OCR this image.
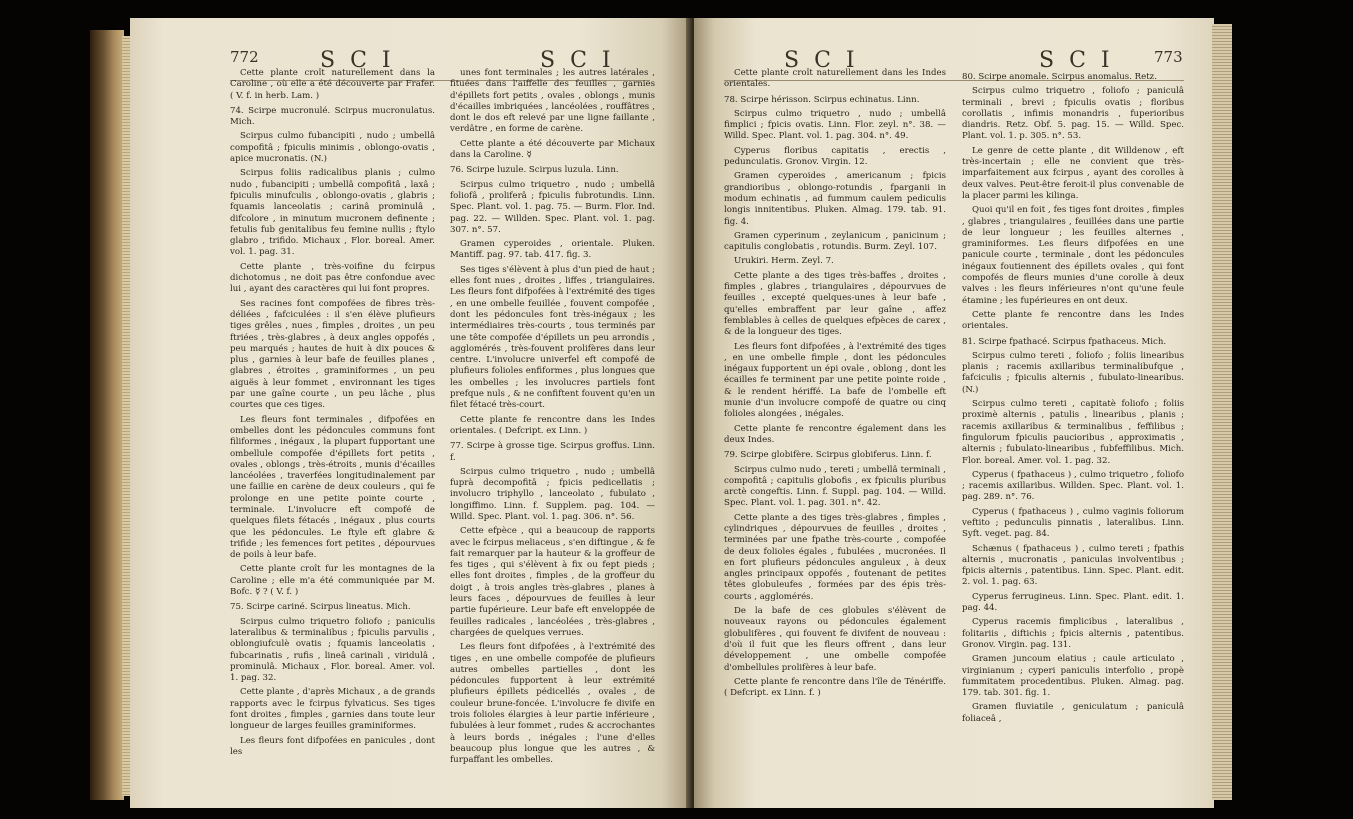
772	S C I	S C I

Cette plante croît naturellement dans la Caroline , où elle a été découverte par Frafer. ( V. f. in herb. Lam. )

74. Scirpe mucronulé. Scirpus mucronulatus. Mich.

Scirpus culmo fubancipiti , nudo ; umbellâ compofitâ ; fpiculis minimis , oblongo-ovatis , apice mucronatis. (N.)

Scirpus foliis radicalibus planis ; culmo nudo , fubancipiti ; umbellâ compofitâ , laxâ ; fpiculis minufculis , oblongo-ovatis , glabris ; fquamis lanceolatis ; carinâ prominulâ , difcolore , in minutum mucronem definente ; fetulis fub genitalibus feu femine nullis ; ftylo glabro , trifido. Michaux , Flor. boreal. Amer. vol. 1. pag. 31.

Cette plante , très-voifine du fcirpus dichotomus , ne doit pas être confondue avec lui , ayant des caractères qui lui font propres.

Ses racines font compofées de fibres très-déliées , fafciculées : il s'en élève plufieurs tiges grêles , nues , fimples , droites , un peu ftriées , très-glabres , à deux angles oppofés , peu marqués ; hautes de huit à dix pouces & plus , garnies à leur bafe de feuilles planes , glabres , étroites , graminiformes , un peu aiguës à leur fommet , environnant les tiges par une gaîne courte , un peu lâche , plus courtes que ces tiges.

Les fleurs font terminales , difpofées en ombelles dont les pédoncules communs font filiformes , inégaux , la plupart fupportant une ombellule compofée d'épillets fort petits , ovales , oblongs , très-étroits , munis d'écailles lancéolées , traverfées longitudinalement par une faillie en carène de deux couleurs , qui fe prolonge en une petite pointe courte , terminale. L'involucre eft compofé de quelques filets fétacés , inégaux , plus courts que les pédoncules. Le ftyle eft glabre & trifide ; les femences fort petites , dépourvues de poils à leur bafe.

Cette plante croît fur les montagnes de la Caroline ; elle m'a été communiquée par M. Bofc. ☿ ? ( V. f. )

75. Scirpe cariné. Scirpus lineatus. Mich.

Scirpus culmo triquetro foliofo ; paniculis lateralibus & terminalibus ; fpiculis parvulis , oblongiufculè ovatis ; fquamis lanceolatis , fubcarinatis , rufis , lineâ carinali , viridulâ , prominulâ. Michaux , Flor. boreal. Amer. vol. 1. pag. 32.

Cette plante , d'après Michaux , a de grands rapports avec le fcirpus fylvaticus. Ses tiges font droites , fimples , garnies dans toute leur longueur de larges feuilles graminiformes.

Les fleurs font difpofées en panicules , dont les

unes font terminales ; les autres latérales , fituées dans l'aiffelle des feuilles , garnies d'épillets fort petits , ovales , oblongs , munis d'écailles imbriquées , lancéolées , rouffâtres , dont le dos eft relevé par une ligne faillante , verdâtre , en forme de carène.

Cette plante a été découverte par Michaux dans la Caroline. ☿

76. Scirpe luzule. Scirpus luzula. Linn.

Scirpus culmo triquetro , nudo ; umbellâ foliofâ , proliferâ ; fpiculis fubrotundis. Linn. Spec. Plant. vol. 1. pag. 75. — Burm. Flor. Ind. pag. 22. — Willden. Spec. Plant. vol. 1. pag. 307. n°. 57.

Gramen cyperoides , orientale. Pluken. Mantiff. pag. 97. tab. 417. fig. 3.

Ses tiges s'élèvent à plus d'un pied de haut ; elles font nues , droites , liffes , triangulaires. Les fleurs font difpofées à l'extrémité des tiges , en une ombelle feuillée , fouvent compofée , dont les pédoncules font très-inégaux ; les intermédiaires très-courts , tous terminés par une tête compofée d'épillets un peu arrondis , agglomérés , très-fouvent prolifères dans leur centre. L'involucre univerfel eft compofé de plufieurs folioles enfiformes , plus longues que les ombelles ; les involucres partiels font prefque nuls , & ne confiftent fouvent qu'en un filet fétacé très-court.

Cette plante fe rencontre dans les Indes orientales. ( Defcript. ex Linn. )

77. Scirpe à grosse tige. Scirpus groffus. Linn. f.

Scirpus culmo triquetro , nudo ; umbellâ fuprà decompofitâ ; fpicis pedicellatis ; involucro triphyllo , lanceolato , fubulato , longiffimo. Linn. f. Supplem. pag. 104. — Willd. Spec. Plant. vol. 1. pag. 306. n°. 56.

Cette efpèce , qui a beaucoup de rapports avec le fcirpus meliaceus , s'en diftingue , & fe fait remarquer par la hauteur & la groffeur de fes tiges , qui s'élèvent à fix ou fept pieds ; elles font droites , fimples , de la groffeur du doigt , à trois angles très-glabres , planes à leurs faces , dépourvues de feuilles à leur partie fupérieure. Leur bafe eft enveloppée de feuilles radicales , lancéolées , très-glabres , chargées de quelques verrues.

Les fleurs font difpofées , à l'extrémité des tiges , en une ombelle compofée de plufieurs autres ombelles partielles , dont les pédoncules fupportent à leur extrémité plufieurs épillets pédicellés , ovales , de couleur brune-foncée. L'involucre fe divife en trois folioles élargies à leur partie inférieure , fubulées à leur fommet , rudes & accrochantes à leurs bords , inégales ; l'une d'elles beaucoup plus longue que les autres , & furpaffant les ombelles.

S C I	S C I	773

Cette plante croît naturellement dans les Indes orientales.

78. Scirpe hérisson. Scirpus echinatus. Linn.

Scirpus culmo triquetro , nudo ; umbellâ fimplici ; fpicis ovatis. Linn. Flor. zeyl. n°. 38. — Willd. Spec. Plant. vol. 1. pag. 304. n°. 49.

Cyperus floribus capitatis , erectis , pedunculatis. Gronov. Virgin. 12.

Gramen cyperoides , americanum ; fpicis grandioribus , oblongo-rotundis , fparganii in modum echinatis , ad fummum caulem pediculis longis innitentibus. Pluken. Almag. 179. tab. 91. fig. 4.

Gramen cyperinum , zeylanicum , panicinum ; capitulis conglobatis , rotundis. Burm. Zeyl. 107.

Urukiri. Herm. Zeyl. 7.

Cette plante a des tiges très-baffes , droites , fimples , glabres , triangulaires , dépourvues de feuilles , excepté quelques-unes à leur bafe , qu'elles embraffent par leur gaîne , affez femblables à celles de quelques efpèces de carex , & de la longueur des tiges.

Les fleurs font difpofées , à l'extrémité des tiges , en une ombelle fimple , dont les pédoncules inégaux fupportent un épi ovale , oblong , dont les écailles fe terminent par une petite pointe roide , & le rendent hériffé. La bafe de l'ombelle eft munie d'un involucre compofé de quatre ou cinq folioles alongées , inégales.

Cette plante fe rencontre également dans les deux Indes.

79. Scirpe globifère. Scirpus globiferus. Linn. f.

Scirpus culmo nudo , tereti ; umbellâ terminali , compofitâ ; capitulis globofis , ex fpiculis pluribus arctè congeftis. Linn. f. Suppl. pag. 104. — Willd. Spec. Plant. vol. 1. pag. 301. n°. 42.

Cette plante a des tiges très-glabres , fimples , cylindriques , dépourvues de feuilles , droites , terminées par une fpathe très-courte , compofée de deux folioles égales , fubulées , mucronées. Il en fort plufieurs pédoncules anguleux , à deux angles principaux oppofés , foutenant de petites têtes globuleufes , formées par des épis très-courts , agglomérés.

De la bafe de ces globules s'élèvent de nouveaux rayons ou pédoncules également globulifères , qui fouvent fe divifent de nouveau : d'où il fuit que les fleurs offrent , dans leur développement , une ombelle compofée d'ombellules prolifères à leur bafe.

Cette plante fe rencontre dans l'île de Ténériffe. ( Defcript. ex Linn. f. )

80. Scirpe anomale. Scirpus anomalus. Retz.

Scirpus culmo triquetro , foliofo ; paniculâ terminali , brevi ; fpiculis ovatis ; floribus corollatis , infimis monandris , fuperioribus diandris. Retz. Obf. 5. pag. 15. — Willd. Spec. Plant. vol. 1. p. 305. n°. 53.

Le genre de cette plante , dit Willdenow , eft très-incertain ; elle ne convient que très-imparfaitement aux fcirpus , ayant des corolles à deux valves. Peut-être feroit-il plus convenable de la placer parmi les kilinga.

Quoi qu'il en foit , fes tiges font droites , fimples , glabres , triangulaires , feuillées dans une partie de leur longueur ; les feuilles alternes , graminiformes. Les fleurs difpofées en une panicule courte , terminale , dont les pédoncules inégaux foutiennent des épillets ovales , qui font compofés de fleurs munies d'une corolle à deux valves : les fleurs inférieures n'ont qu'une feule étamine ; les fupérieures en ont deux.

Cette plante fe rencontre dans les Indes orientales.

81. Scirpe fpathacé. Scirpus fpathaceus. Mich.

Scirpus culmo tereti , foliofo ; foliis linearibus planis ; racemis axillaribus terminalibufque , fafciculis ; fpiculis alternis , fubulato-linearibus. (N.)

Scirpus culmo tereti , capitatè foliofo ; foliis proximè alternis , patulis , linearibus , planis ; racemis axillaribus & terminalibus , feffilibus ; fingulorum fpiculis paucioribus , approximatis , alternis ; fubulato-linearibus , fubfeffilibus. Mich. Flor. boreal. Amer. vol. 1. pag. 32.

Cyperus ( fpathaceus ) , culmo triquetro , foliofo ; racemis axillaribus. Willden. Spec. Plant. vol. 1. pag. 289. n°. 76.

Cyperus ( fpathaceus ) , culmo vaginis foliorum veftito ; pedunculis pinnatis , lateralibus. Linn. Syft. veget. pag. 84.

Schænus ( fpathaceus ) , culmo tereti ; fpathis alternis , mucronatis , paniculas involventibus ; fpicis alternis , patentibus. Linn. Spec. Plant. edit. 2. vol. 1. pag. 63.

Cyperus ferrugineus. Linn. Spec. Plant. edit. 1. pag. 44.

Cyperus racemis fimplicibus , lateralibus , folitariis , diftichis ; fpicis alternis , patentibus. Gronov. Virgin. pag. 131.

Gramen juncoum elatius ; caule articulato , virginianum ; cyperi paniculis interfolio , propè fummitatem procedentibus. Pluken. Almag. pag. 179. tab. 301. fig. 1.

Gramen fluviatile , geniculatum ; paniculâ foliaceâ ,
